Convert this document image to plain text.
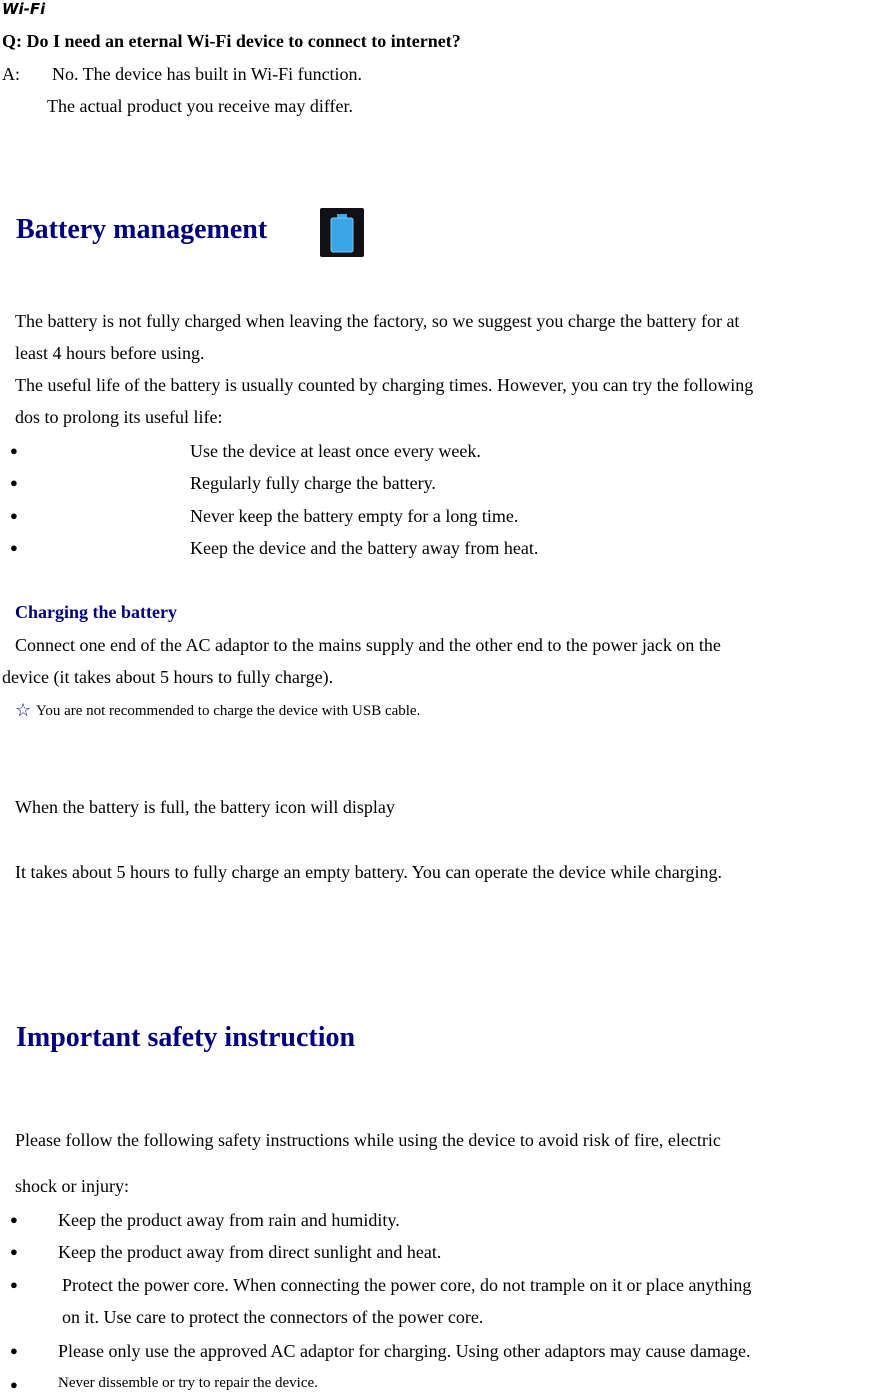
Wi-Fi
Q: Do I need an eternal Wi-Fi device to connect to internet?
A: No. The device has built in Wi-Fi function.
The actual product you receive may differ.
Battery management
The battery is not fully charged when leaving the factory, so we suggest you charge the battery for at
least 4 hours before using.
The useful life of the battery is usually counted by charging times. However, you can try the following
dos to prolong its useful life:
●	Use the device at least once every week.
●	Regularly fully charge the battery.
●	Never keep the battery empty for a long time.
●	Keep the device and the battery away from heat.
Charging the battery
Connect one end of the AC adaptor to the mains supply and the other end to the power jack on the
device (it takes about 5 hours to fully charge).
☆ You are not recommended to charge the device with USB cable.
When the battery is full, the battery icon will display
It takes about 5 hours to fully charge an empty battery. You can operate the device while charging.
Important safety instruction
Please follow the following safety instructions while using the device to avoid risk of fire, electric
shock or injury:
● Keep the product away from rain and humidity.
● Keep the product away from direct sunlight and heat.
● Protect the power core. When connecting the power core, do not trample on it or place anything
on it. Use care to protect the connectors of the power core.
● Please only use the approved AC adaptor for charging. Using other adaptors may cause damage.
●	Never dissemble or try to repair the device.
